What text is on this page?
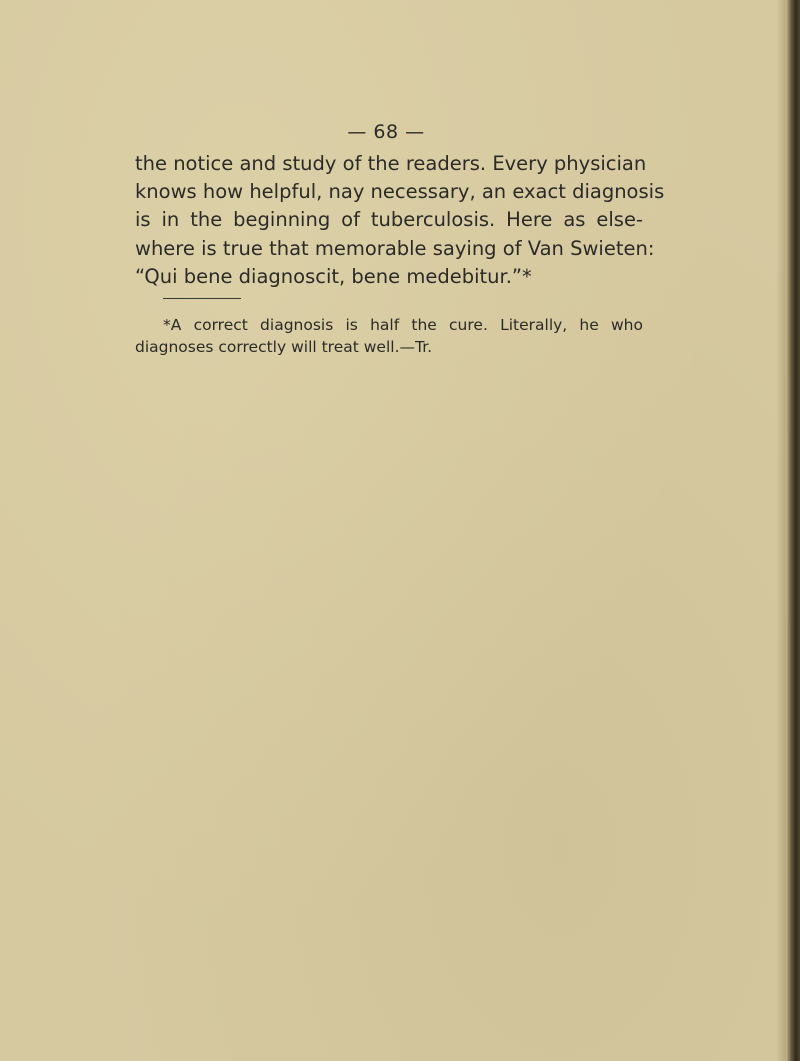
— 68 —

the notice and study of the readers. Every physician
knows how helpful, nay necessary, an exact diagnosis
is in the beginning of tuberculosis. Here as else-
where is true that memorable saying of Van Swieten:
“Qui bene diagnoscit, bene medebitur.”*

*A correct diagnosis is half the cure. Literally, he who
diagnoses correctly will treat well.—Tr.
